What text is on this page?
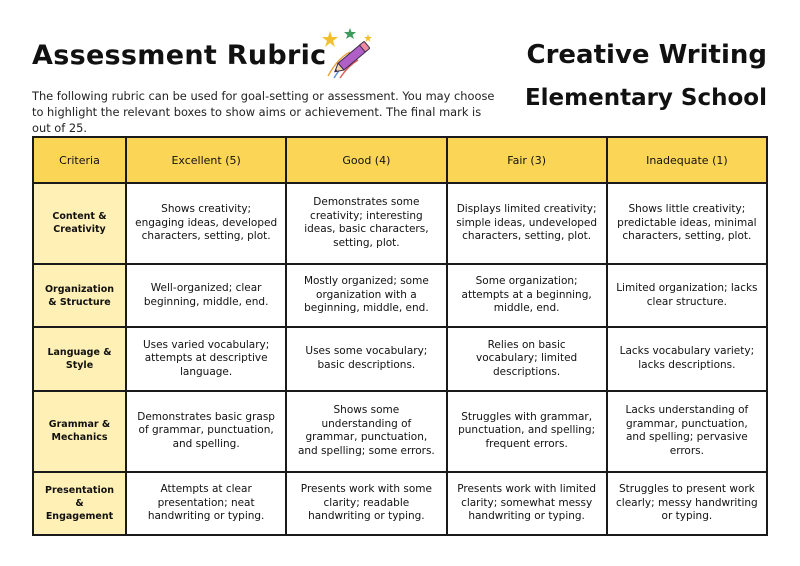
Assessment Rubric	Creative Writing
Elementary School
The following rubric can be used for goal-setting or assessment. You may choose to highlight the relevant boxes to show aims or achievement. The final mark is out of 25.
Criteria	Excellent (5)	Good (4)	Fair (3)	Inadequate (1)
Content & Creativity	Shows creativity; engaging ideas, developed characters, setting, plot.	Demonstrates some creativity; interesting ideas, basic characters, setting, plot.	Displays limited creativity; simple ideas, undeveloped characters, setting, plot.	Shows little creativity; predictable ideas, minimal characters, setting, plot.
Organization & Structure	Well-organized; clear beginning, middle, end.	Mostly organized; some organization with a beginning, middle, end.	Some organization; attempts at a beginning, middle, end.	Limited organization; lacks clear structure.
Language & Style	Uses varied vocabulary; attempts at descriptive language.	Uses some vocabulary; basic descriptions.	Relies on basic vocabulary; limited descriptions.	Lacks vocabulary variety; lacks descriptions.
Grammar & Mechanics	Demonstrates basic grasp of grammar, punctuation, and spelling.	Shows some understanding of grammar, punctuation, and spelling; some errors.	Struggles with grammar, punctuation, and spelling; frequent errors.	Lacks understanding of grammar, punctuation, and spelling; pervasive errors.
Presentation & Engagement	Attempts at clear presentation; neat handwriting or typing.	Presents work with some clarity; readable handwriting or typing.	Presents work with limited clarity; somewhat messy handwriting or typing.	Struggles to present work clearly; messy handwriting or typing.
